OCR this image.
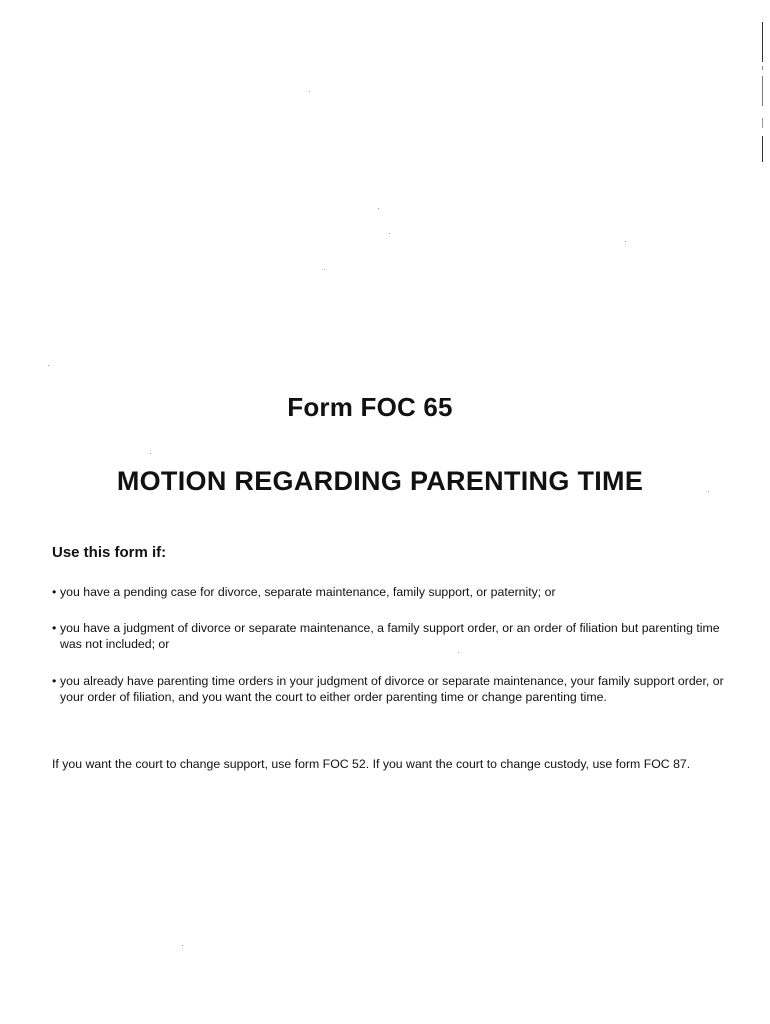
Form FOC 65
MOTION REGARDING PARENTING TIME
Use this form if:
• you have a pending case for divorce, separate maintenance, family support, or paternity; or
• you have a judgment of divorce or separate maintenance, a family support order, or an order of filiation but parenting time was not included; or
• you already have parenting time orders in your judgment of divorce or separate maintenance, your family support order, or your order of filiation, and you want the court to either order parenting time or change parenting time.

If you want the court to change support, use form FOC 52. If you want the court to change custody, use form FOC 87.
